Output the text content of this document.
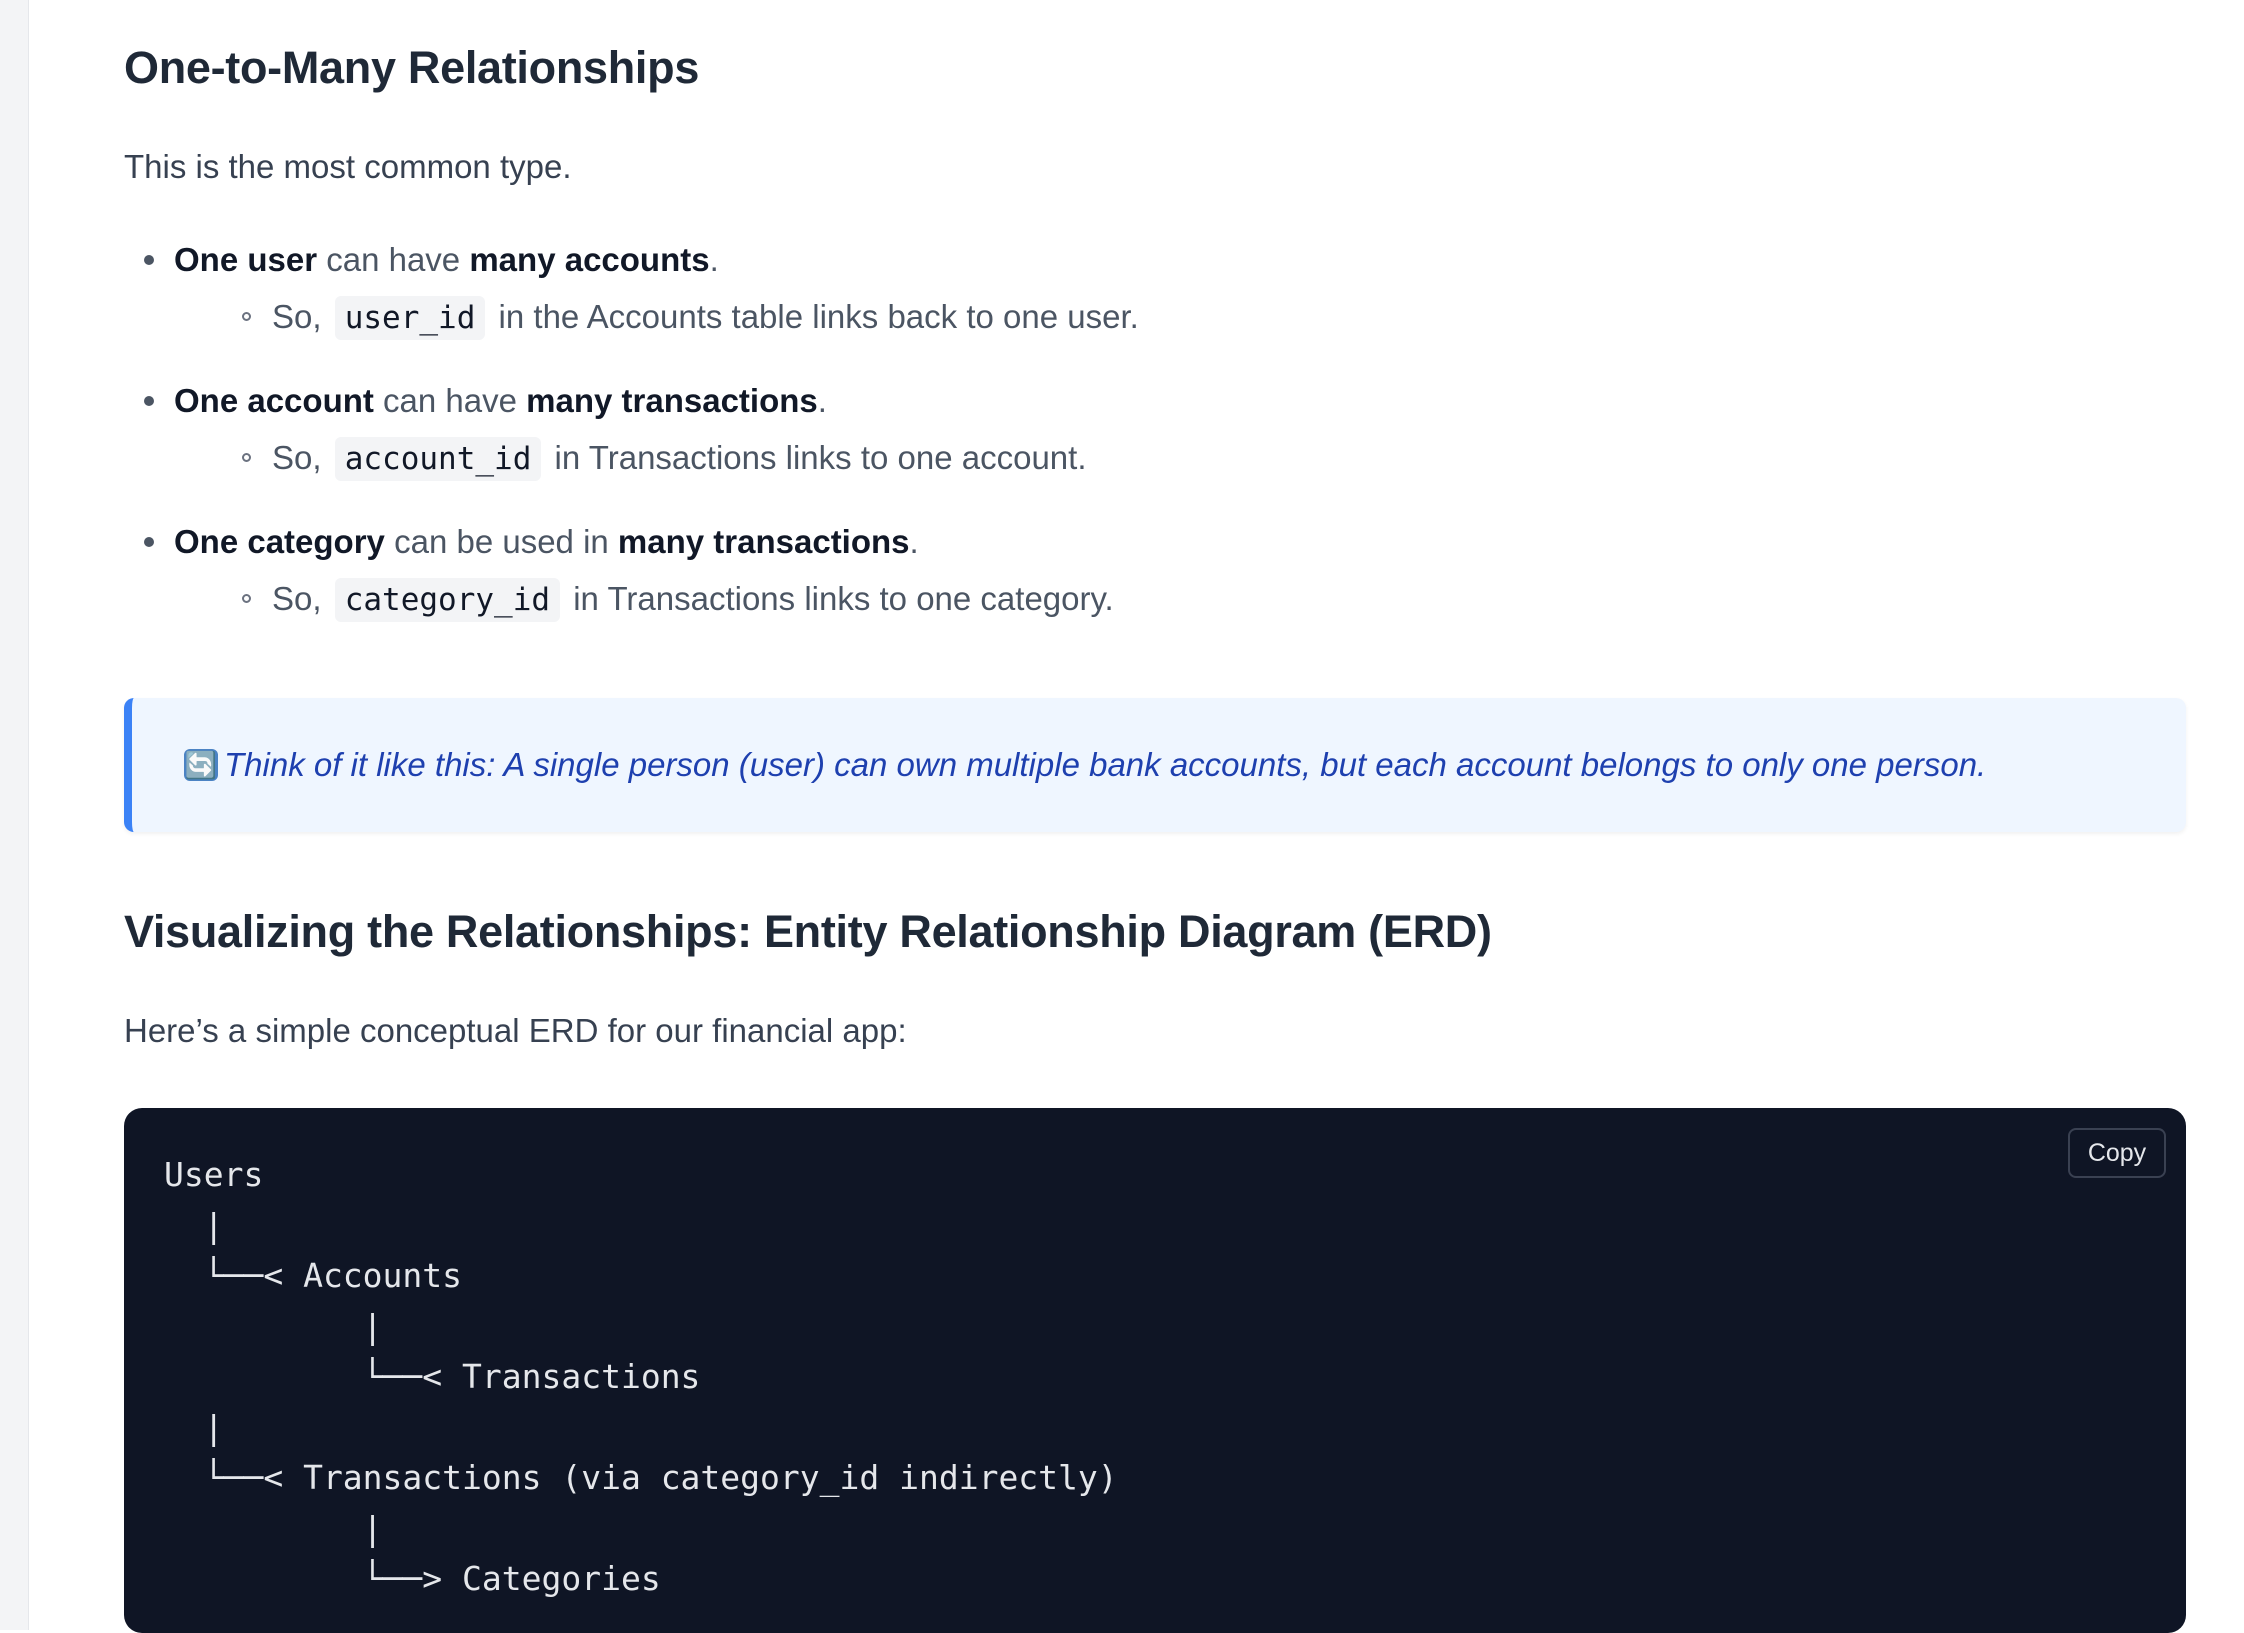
One-to-Many Relationships

This is the most common type.

One user can have many accounts.
So, user_id in the Accounts table links back to one user.
One account can have many transactions.
So, account_id in Transactions links to one account.
One category can be used in many transactions.
So, category_id in Transactions links to one category.
🔄 Think of it like this: A single person (user) can own multiple bank accounts, but each account belongs to only one person.
Visualizing the Relationships: Entity Relationship Diagram (ERD)

Here’s a simple conceptual ERD for our financial app:

Users
|
└──< Accounts
|
└──< Transactions
|
└──< Transactions (via category_id indirectly)
|
└──> Categories
Copy
